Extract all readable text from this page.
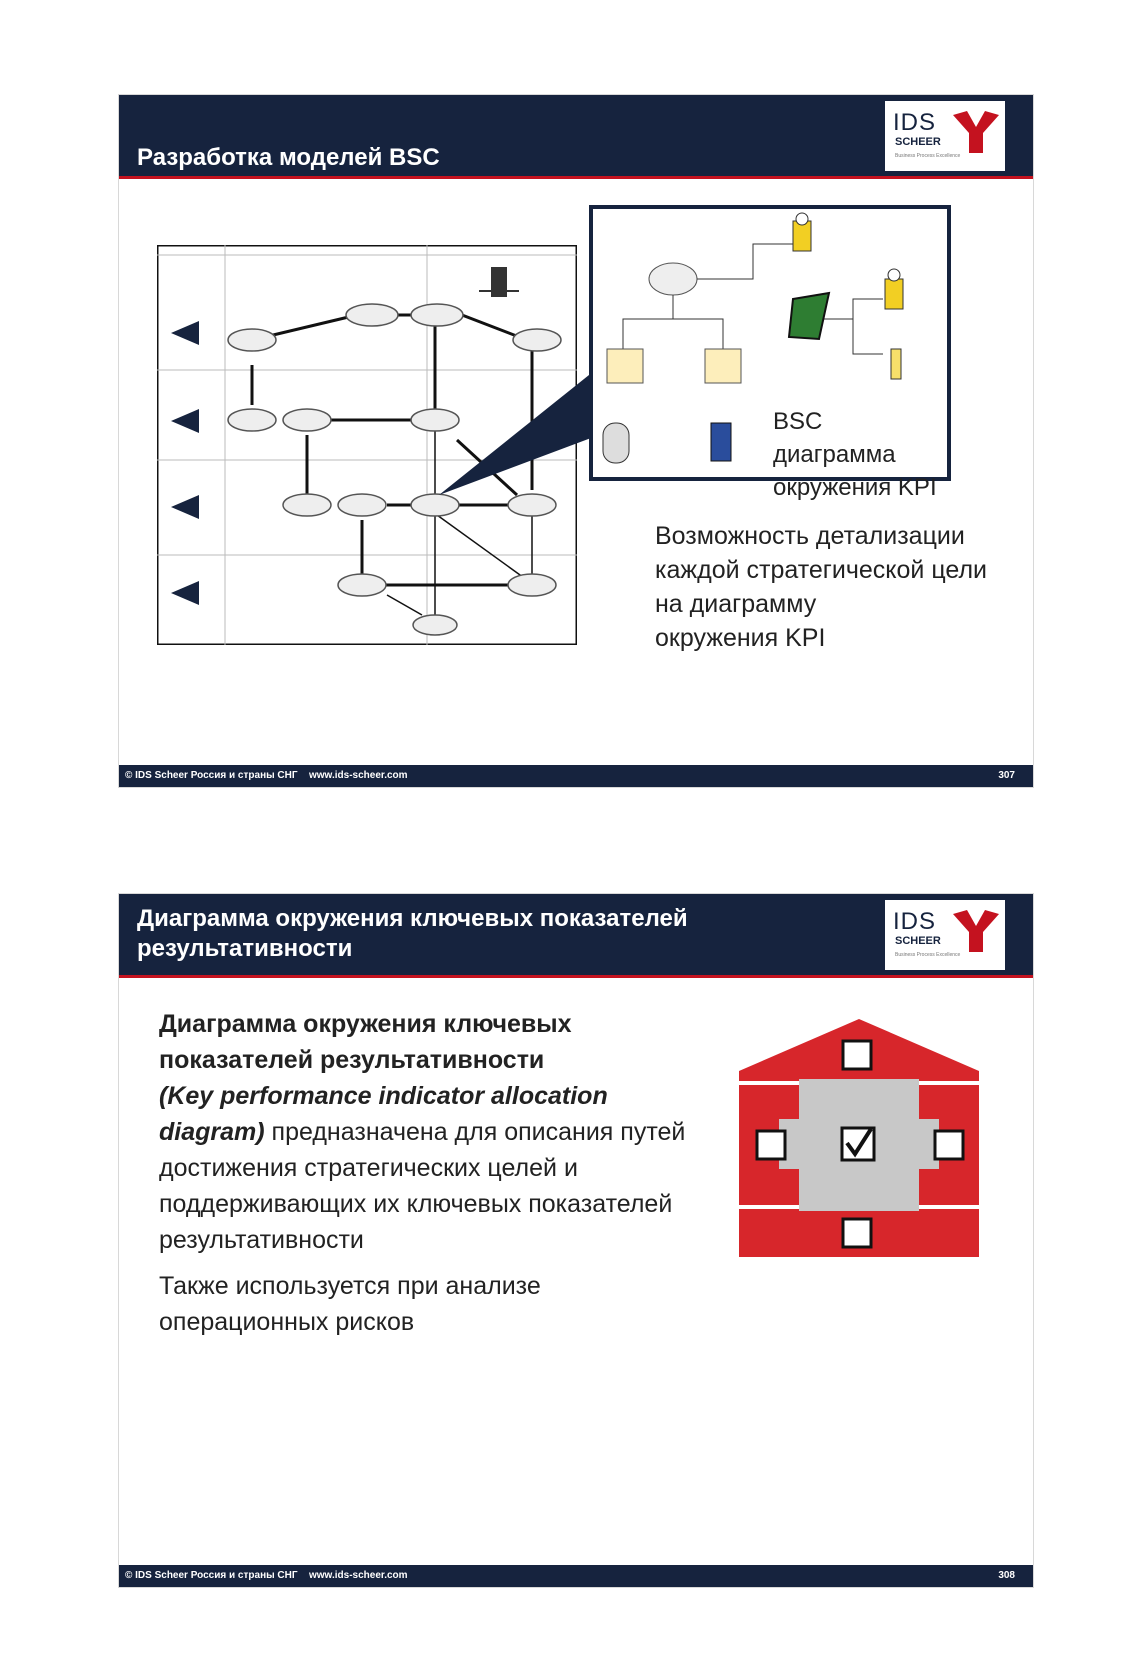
Разработка моделей BSC
IDS
SCHEER
Business Process Excellence
BSC диаграмма
окружения KPI
Возможность детализации
каждой стратегической цели
на диаграмму
окружения KPI
© IDS Scheer Россия и страны СНГ www.ids-scheer.com	307
Диаграмма окружения ключевых показателей результативности
IDS
SCHEER
Business Process Excellence

Диаграмма окружения ключевых показателей результативности
(Key performance indicator allocation diagram) предназначена для описания путей достижения стратегических целей и поддерживающих их ключевых показателей результативности

Также используется при анализе операционных рисков

© IDS Scheer Россия и страны СНГ www.ids-scheer.com	308
